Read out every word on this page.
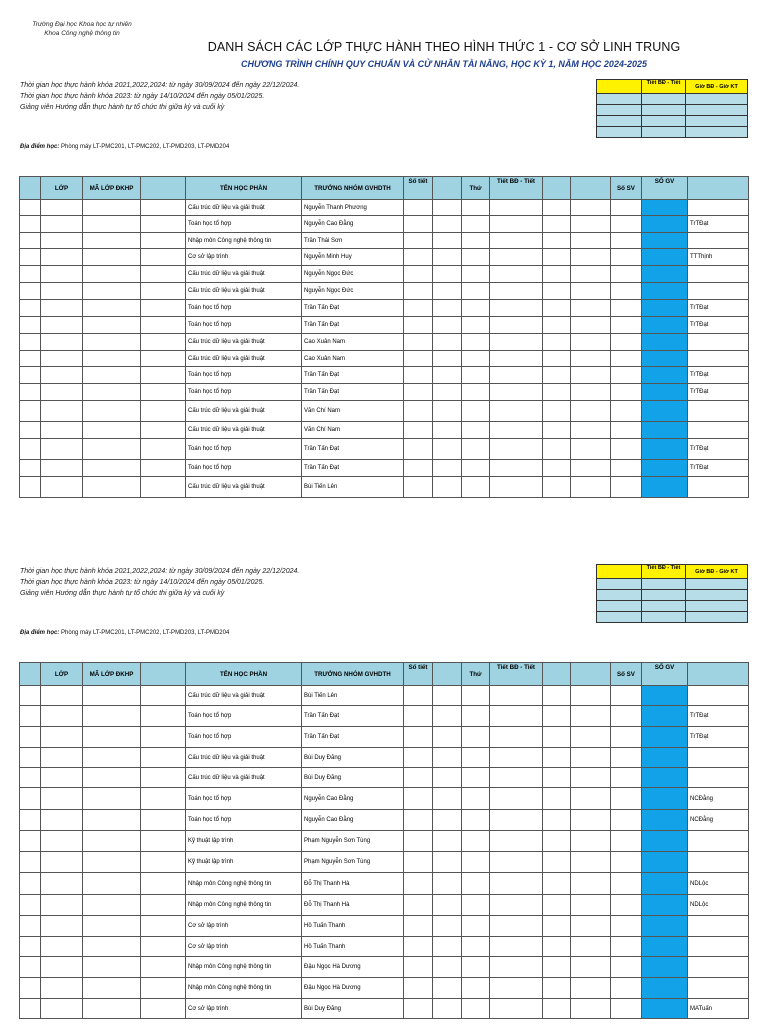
Trường Đại học Khoa học tự nhiên
Khoa Công nghệ thông tin
DANH SÁCH CÁC LỚP THỰC HÀNH THEO HÌNH THỨC 1 - CƠ SỞ LINH TRUNG
CHƯƠNG TRÌNH CHÍNH QUY CHUẨN VÀ CỬ NHÂN TÀI NĂNG, HỌC KỲ 1, NĂM HỌC 2024-2025
Thời gian học thực hành khóa 2021,2022,2024: từ ngày 30/09/2024 đến ngày 22/12/2024.
Thời gian học thực hành khóa 2023: từ ngày 14/10/2024 đến ngày 05/01/2025.
Giảng viên Hướng dẫn thực hành tự tổ chức thi giữa kỳ và cuối kỳ
Địa điểm học: Phòng máy LT-PMC201, LT-PMC202, LT-PMD203, LT-PMD204
	Tiết BĐ - Tiết	Giờ BĐ - Giờ KT

	LỚP	MÃ LỚP ĐKHP		TÊN HỌC PHẦN	TRƯỞNG NHÓM GVHDTH	Số tiết		Thứ	Tiết BĐ - Tiết			Số SV	SỐ GV	
				Cấu trúc dữ liệu và giải thuật	Nguyễn Thanh Phương									
				Toán học tổ hợp	Nguyễn Cao Đằng									TrTĐạt
				Nhập môn Công nghệ thông tin	Trần Thái Sơn									
				Cơ sở lập trình	Nguyễn Minh Huy									TTThịnh
				Cấu trúc dữ liệu và giải thuật	Nguyễn Ngọc Đức									
				Cấu trúc dữ liệu và giải thuật	Nguyễn Ngọc Đức									
				Toán học tổ hợp	Trần Tấn Đạt									TrTĐạt
				Toán học tổ hợp	Trần Tấn Đạt									TrTĐạt
				Cấu trúc dữ liệu và giải thuật	Cao Xuân Nam									
				Cấu trúc dữ liệu và giải thuật	Cao Xuân Nam									
				Toán học tổ hợp	Trần Tấn Đạt									TrTĐạt
				Toán học tổ hợp	Trần Tấn Đạt									TrTĐạt
				Cấu trúc dữ liệu và giải thuật	Văn Chí Nam									
				Cấu trúc dữ liệu và giải thuật	Văn Chí Nam									
				Toán học tổ hợp	Trần Tấn Đạt									TrTĐạt
				Toán học tổ hợp	Trần Tấn Đạt									TrTĐạt
				Cấu trúc dữ liệu và giải thuật	Bùi Tiến Lên									
Thời gian học thực hành khóa 2021,2022,2024: từ ngày 30/09/2024 đến ngày 22/12/2024.
Thời gian học thực hành khóa 2023: từ ngày 14/10/2024 đến ngày 05/01/2025.
Giảng viên Hướng dẫn thực hành tự tổ chức thi giữa kỳ và cuối kỳ
Địa điểm học: Phòng máy LT-PMC201, LT-PMC202, LT-PMD203, LT-PMD204
	Tiết BĐ - Tiết	Giờ BĐ - Giờ KT

	LỚP	MÃ LỚP ĐKHP		TÊN HỌC PHẦN	TRƯỞNG NHÓM GVHDTH	Số tiết		Thứ	Tiết BĐ - Tiết			Số SV	SỐ GV	
				Cấu trúc dữ liệu và giải thuật	Bùi Tiến Lên									
				Toán học tổ hợp	Trần Tấn Đạt									TrTĐạt
				Toán học tổ hợp	Trần Tấn Đạt									TrTĐạt
				Cấu trúc dữ liệu và giải thuật	Bùi Duy Đăng									
				Cấu trúc dữ liệu và giải thuật	Bùi Duy Đăng									
				Toán học tổ hợp	Nguyễn Cao Đằng									NCĐằng
				Toán học tổ hợp	Nguyễn Cao Đằng									NCĐằng
				Kỹ thuật lập trình	Phạm Nguyễn Sơn Tùng									
				Kỹ thuật lập trình	Phạm Nguyễn Sơn Tùng									
				Nhập môn Công nghệ thông tin	Đỗ Thị Thanh Hà									NDLộc
				Nhập môn Công nghệ thông tin	Đỗ Thị Thanh Hà									NDLộc
				Cơ sở lập trình	Hồ Tuấn Thanh									
				Cơ sở lập trình	Hồ Tuấn Thanh									
				Nhập môn Công nghệ thông tin	Đậu Ngọc Hà Dương									
				Nhập môn Công nghệ thông tin	Đậu Ngọc Hà Dương									
				Cơ sở lập trình	Bùi Duy Đăng									MATuấn
